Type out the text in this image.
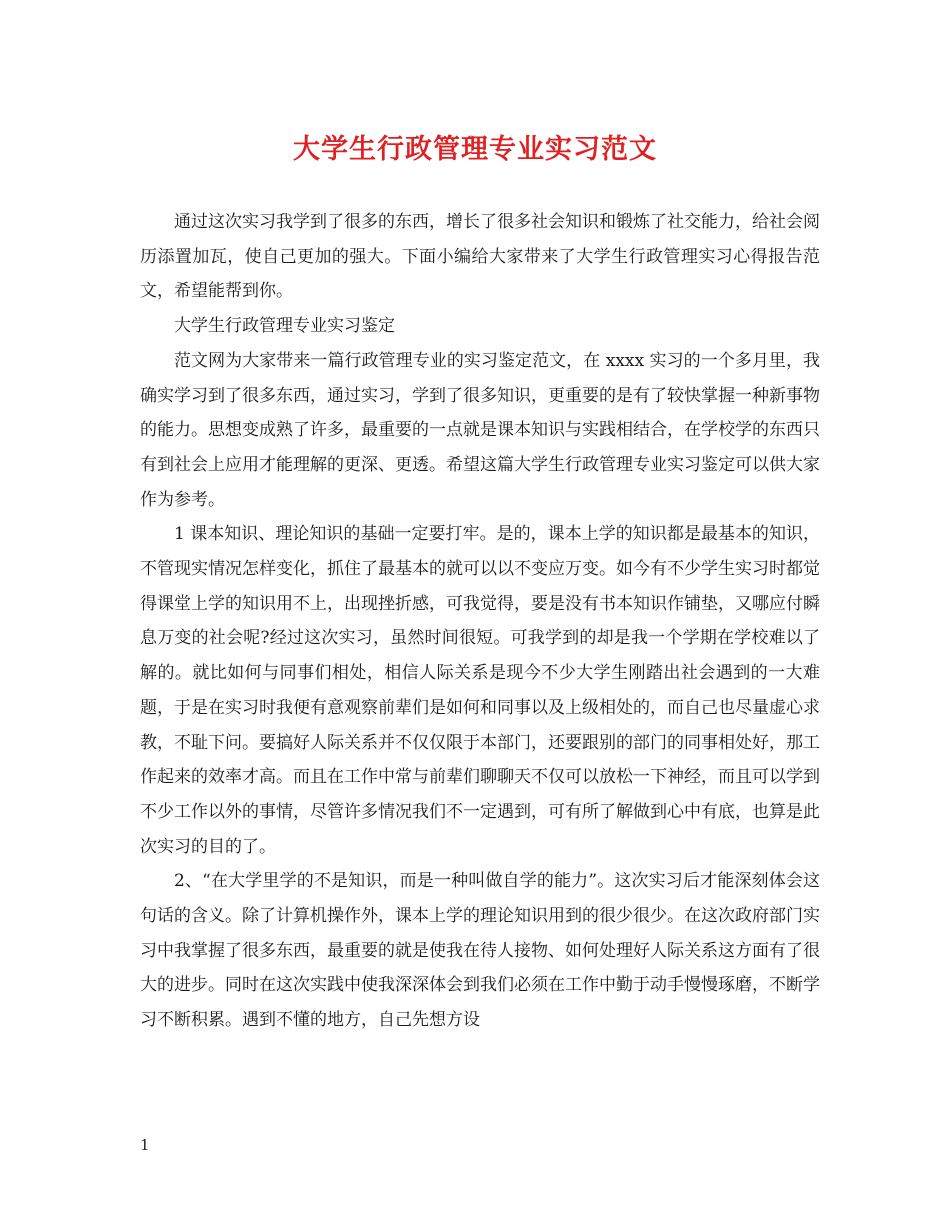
大学生行政管理专业实习范文

通过这次实习我学到了很多的东西，增长了很多社会知识和锻炼了社交能力，给社会阅历添置加瓦，使自己更加的强大。下面小编给大家带来了大学生行政管理实习心得报告范文，希望能帮到你。

大学生行政管理专业实习鉴定

范文网为大家带来一篇行政管理专业的实习鉴定范文，在 xxxx 实习的一个多月里，我确实学习到了很多东西，通过实习，学到了很多知识，更重要的是有了较快掌握一种新事物的能力。思想变成熟了许多，最重要的一点就是课本知识与实践相结合，在学校学的东西只有到社会上应用才能理解的更深、更透。希望这篇大学生行政管理专业实习鉴定可以供大家作为参考。

1 课本知识、理论知识的基础一定要打牢。是的，课本上学的知识都是最基本的知识，不管现实情况怎样变化，抓住了最基本的就可以以不变应万变。如今有不少学生实习时都觉得课堂上学的知识用不上，出现挫折感，可我觉得，要是没有书本知识作铺垫，又哪应付瞬息万变的社会呢?经过这次实习，虽然时间很短。可我学到的却是我一个学期在学校难以了解的。就比如何与同事们相处，相信人际关系是现今不少大学生刚踏出社会遇到的一大难题，于是在实习时我便有意观察前辈们是如何和同事以及上级相处的，而自己也尽量虚心求教，不耻下问。要搞好人际关系并不仅仅限于本部门，还要跟别的部门的同事相处好，那工作起来的效率才高。而且在工作中常与前辈们聊聊天不仅可以放松一下神经，而且可以学到不少工作以外的事情，尽管许多情况我们不一定遇到，可有所了解做到心中有底，也算是此次实习的目的了。

2、“在大学里学的不是知识，而是一种叫做自学的能力”。这次实习后才能深刻体会这句话的含义。除了计算机操作外，课本上学的理论知识用到的很少很少。在这次政府部门实习中我掌握了很多东西，最重要的就是使我在待人接物、如何处理好人际关系这方面有了很大的进步。同时在这次实践中使我深深体会到我们必须在工作中勤于动手慢慢琢磨，不断学习不断积累。遇到不懂的地方，自己先想方设

1
